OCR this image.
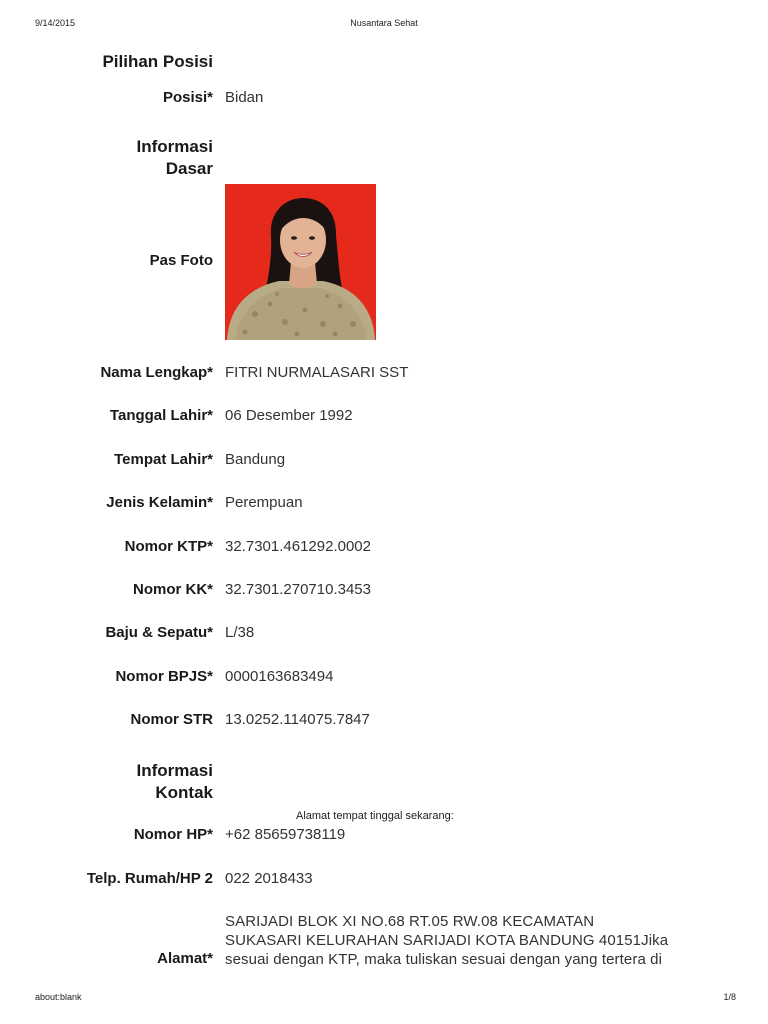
9/14/2015	Nusantara Sehat
Pilihan Posisi
Posisi* Bidan
Informasi
Dasar
Pas Foto
Nama Lengkap* FITRI NURMALASARI SST
Tanggal Lahir* 06 Desember 1992
Tempat Lahir* Bandung
Jenis Kelamin* Perempuan
Nomor KTP* 32.7301.461292.0002
Nomor KK* 32.7301.270710.3453
Baju & Sepatu* L/38
Nomor BPJS* 0000163683494
Nomor STR 13.0252.114075.7847
Informasi
Kontak
Alamat tempat tinggal sekarang:
Nomor HP* +62 85659738119
Telp. Rumah/HP 2 022 2018433
Alamat*
SARIJADI BLOK XI NO.68 RT.05 RW.08 KECAMATAN
SUKASARI KELURAHAN SARIJADI KOTA BANDUNG 40151Jika
sesuai dengan KTP, maka tuliskan sesuai dengan yang tertera di
about:blank	1/8
